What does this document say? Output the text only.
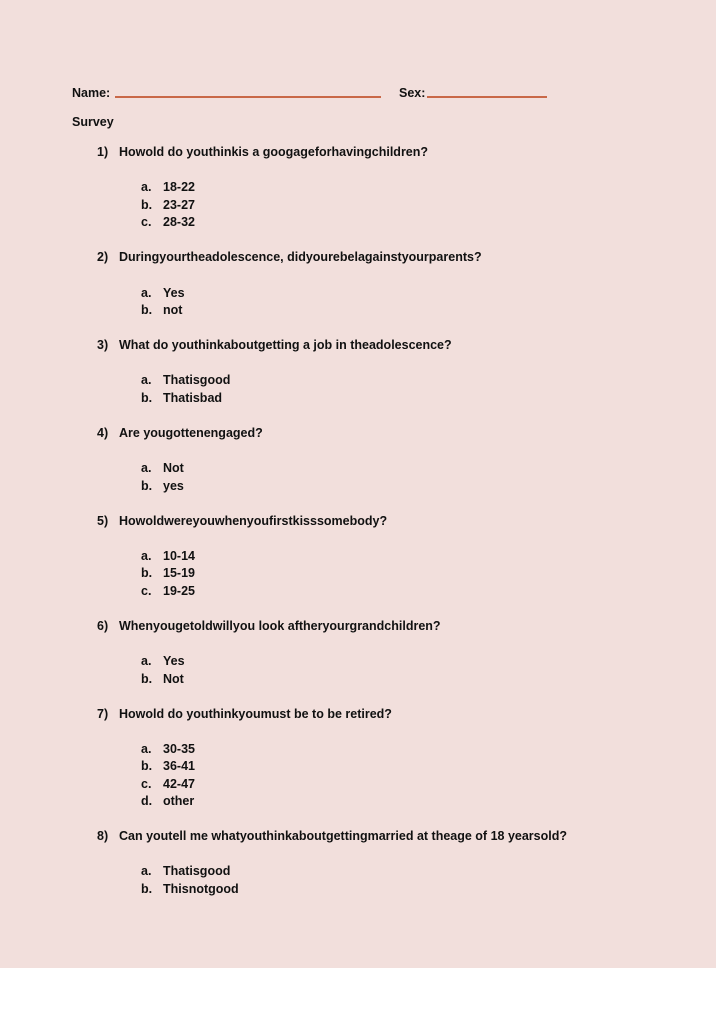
Name:	Sex:
Survey
1) Howold do youthinkis a googageforhavingchildren?
a. 18-22
b. 23-27
c. 28-32
2) Duringyourtheadolescence, didyourebelagainstyourparents?
a. Yes
b. not
3) What do youthinkaboutgetting a job in theadolescence?
a. Thatisgood
b. Thatisbad
4) Are yougottenengaged?
a. Not
b. yes
5) Howoldwereyouwhenyoufirstkisssomebody?
a. 10-14
b. 15-19
c. 19-25
6) Whenyougetoldwillyou look aftheryourgrandchildren?
a. Yes
b. Not
7) Howold do youthinkyoumust be to be retired?
a. 30-35
b. 36-41
c. 42-47
d. other
8) Can youtell me whatyouthinkaboutgettingmarried at theage of 18 yearsold?
a. Thatisgood
b. Thisnotgood
